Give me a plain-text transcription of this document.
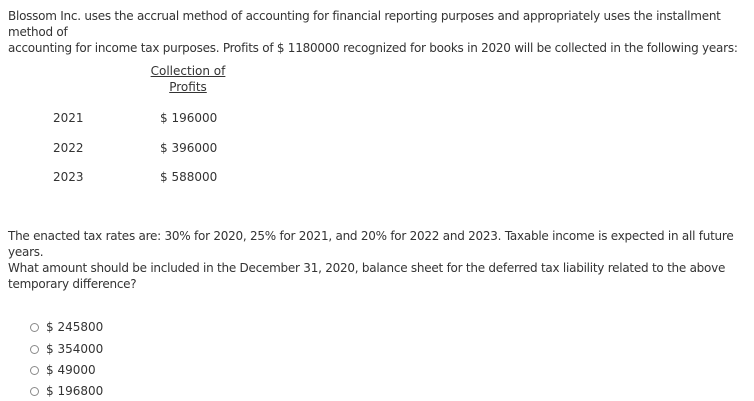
Blossom Inc. uses the accrual method of accounting for financial reporting purposes and appropriately uses the installment method of
accounting for income tax purposes. Profits of $ 1180000 recognized for books in 2020 will be collected in the following years:
Collection of
Profits
2021	$ 196000
2022	$ 396000
2023	$ 588000
The enacted tax rates are: 30% for 2020, 25% for 2021, and 20% for 2022 and 2023. Taxable income is expected in all future years.
What amount should be included in the December 31, 2020, balance sheet for the deferred tax liability related to the above
temporary difference?
$ 245800
$ 354000
$ 49000
$ 196800
